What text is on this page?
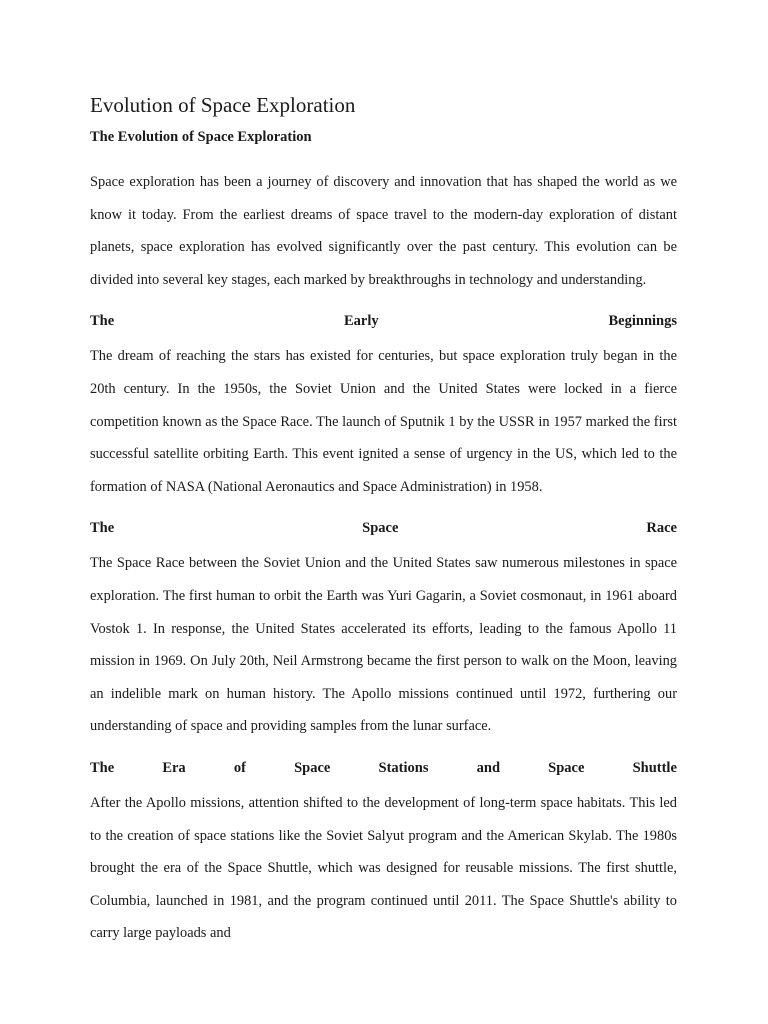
Evolution of Space Exploration
The Evolution of Space Exploration

Space exploration has been a journey of discovery and innovation that has shaped the world as we know it today. From the earliest dreams of space travel to the modern-day exploration of distant planets, space exploration has evolved significantly over the past century. This evolution can be divided into several key stages, each marked by breakthroughs in technology and understanding.

The	Early	Beginnings

The dream of reaching the stars has existed for centuries, but space exploration truly began in the 20th century. In the 1950s, the Soviet Union and the United States were locked in a fierce competition known as the Space Race. The launch of Sputnik 1 by the USSR in 1957 marked the first successful satellite orbiting Earth. This event ignited a sense of urgency in the US, which led to the formation of NASA (National Aeronautics and Space Administration) in 1958.

The	Space	Race

The Space Race between the Soviet Union and the United States saw numerous milestones in space exploration. The first human to orbit the Earth was Yuri Gagarin, a Soviet cosmonaut, in 1961 aboard Vostok 1. In response, the United States accelerated its efforts, leading to the famous Apollo 11 mission in 1969. On July 20th, Neil Armstrong became the first person to walk on the Moon, leaving an indelible mark on human history. The Apollo missions continued until 1972, furthering our understanding of space and providing samples from the lunar surface.

The	Era	of	Space	Stations	and	Space	Shuttle

After the Apollo missions, attention shifted to the development of long-term space habitats. This led to the creation of space stations like the Soviet Salyut program and the American Skylab. The 1980s brought the era of the Space Shuttle, which was designed for reusable missions. The first shuttle, Columbia, launched in 1981, and the program continued until 2011. The Space Shuttle's ability to carry large payloads and
